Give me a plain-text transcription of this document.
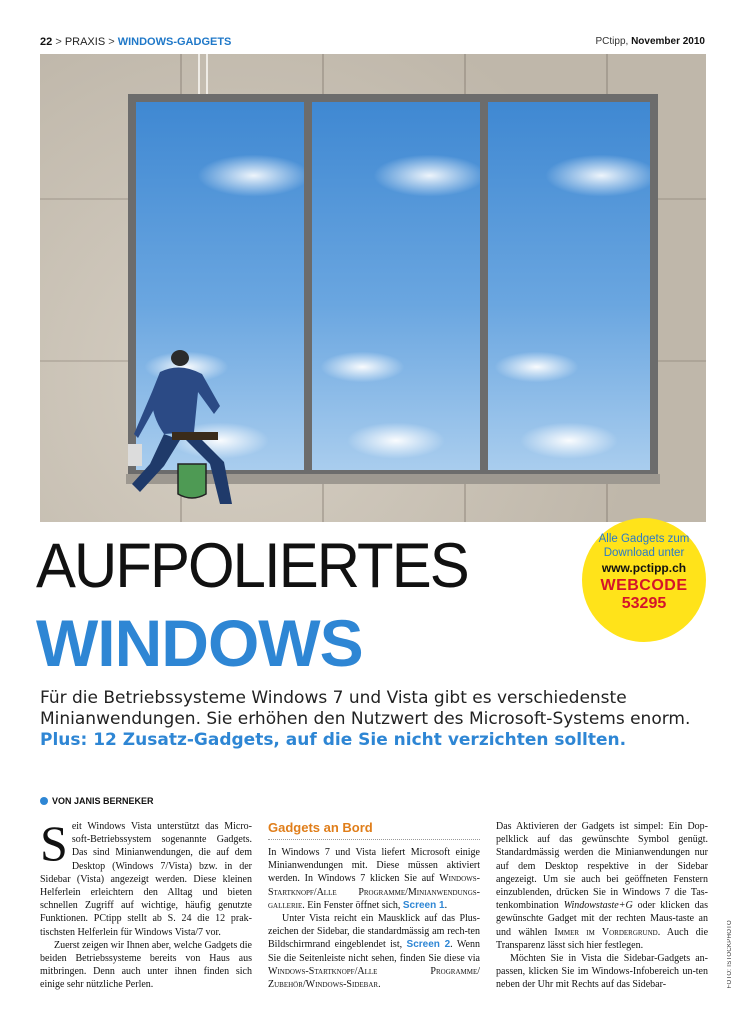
22 > PRAXIS > WINDOWS-GADGETS	PCtipp, November 2010
Alle Gadgets zum
Download unter
www.pctipp.ch
WEBCODE
53295
AUFPOLIERTES
WINDOWS
Für die Betriebssysteme Windows 7 und Vista gibt es verschiedenste Minianwendungen. Sie erhöhen den Nutzwert des Microsoft-Systems enorm. Plus: 12 Zusatz-Gadgets, auf die Sie nicht verzichten sollten.
VON JANIS BERNEKER
S eit Windows Vista unterstützt das Micro-soft-Betriebssystem sogenannte Gadgets. Das sind Minianwendungen, die auf dem Desktop (Windows 7/Vista) bzw. in der Sidebar (Vista) angezeigt werden. Diese kleinen Helferlein erleichtern den Alltag und bieten schnellen Zugriff auf wichtige, häufig genutzte Funktionen. PCtipp stellt ab S. 24 die 12 prak-tischsten Helferlein für Windows Vista/7 vor.

Zuerst zeigen wir Ihnen aber, welche Gadgets die beiden Betriebssysteme bereits von Haus aus mitbringen. Denn auch unter ihnen finden sich einige sehr nützliche Perlen.

Gadgets an Bord

In Windows 7 und Vista liefert Microsoft einige Minianwendungen mit. Diese müssen aktiviert werden. In Windows 7 klicken Sie auf Windows-Startknopf/Alle Programme/Minianwendungs-gallerie. Ein Fenster öffnet sich, Screen 1.

Unter Vista reicht ein Mausklick auf das Plus-zeichen der Sidebar, die standardmässig am rech-ten Bildschirmrand eingeblendet ist, Screen 2. Wenn Sie die Seitenleiste nicht sehen, finden Sie diese via Windows-Startknopf/Alle Programme/ Zubehör/Windows-Sidebar.

Das Aktivieren der Gadgets ist simpel: Ein Dop-pelklick auf das gewünschte Symbol genügt. Standardmässig werden die Minianwendungen nur auf dem Desktop respektive in der Sidebar angezeigt. Um sie auch bei geöffneten Fenstern einzublenden, drücken Sie in Windows 7 die Tas-tenkombination Windowstaste+G oder klicken das gewünschte Gadget mit der rechten Maus-taste an und wählen Immer im Vordergrund. Auch die Transparenz lässt sich hier festlegen.

Möchten Sie in Vista die Sidebar-Gadgets an-passen, klicken Sie im Windows-Infobereich un-ten neben der Uhr mit Rechts auf das Sidebar-	FOTO: ISTOCKPHOTO
